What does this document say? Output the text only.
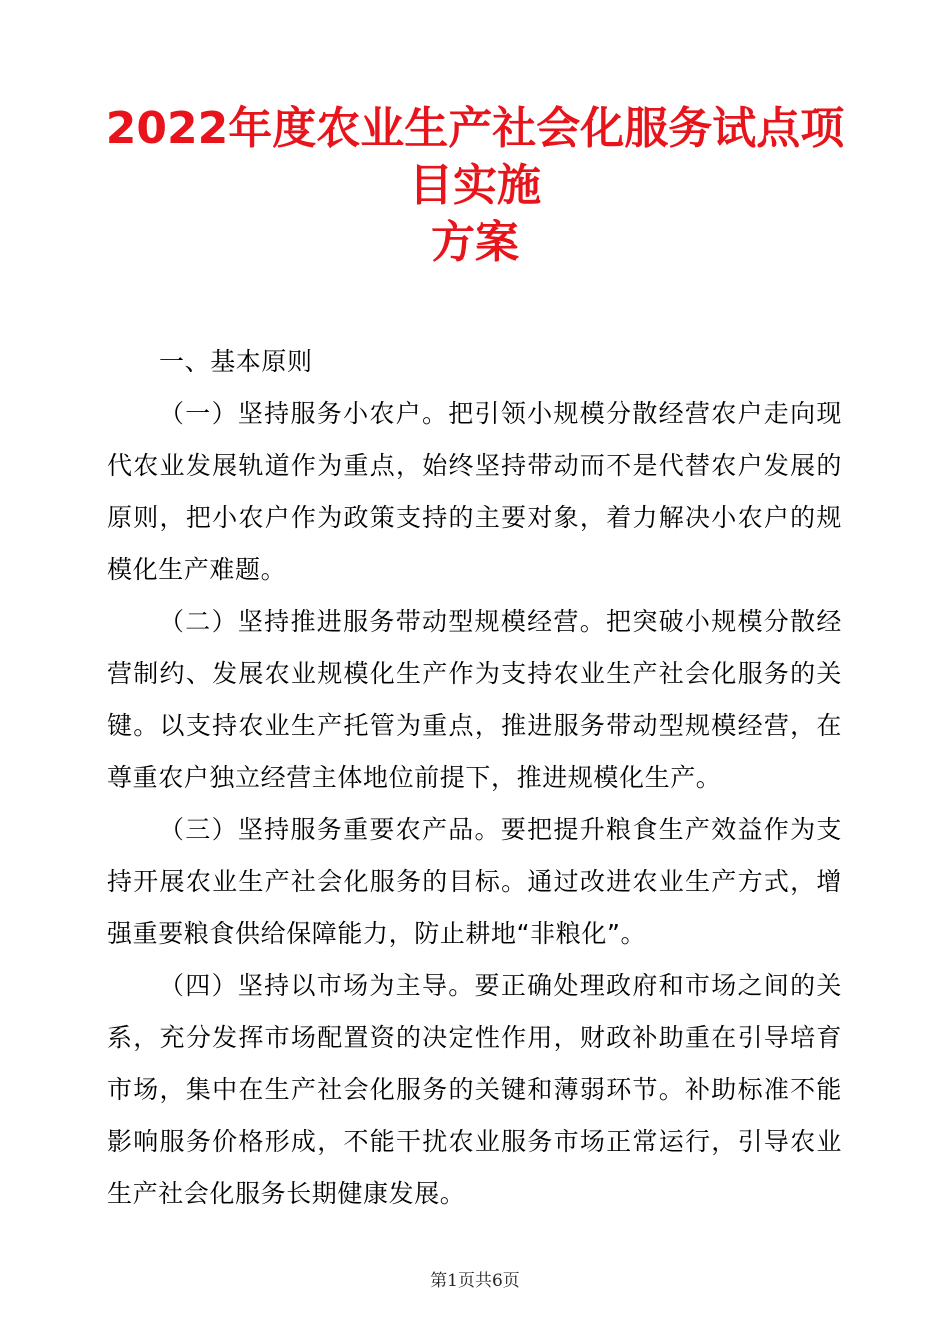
2022年度农业生产社会化服务试点项
目实施
方案

一、基本原则

（一）坚持服务小农户。把引领小规模分散经营农户走向现代农业发展轨道作为重点，始终坚持带动而不是代替农户发展的原则，把小农户作为政策支持的主要对象，着力解决小农户的规模化生产难题。

（二）坚持推进服务带动型规模经营。把突破小规模分散经营制约、发展农业规模化生产作为支持农业生产社会化服务的关键。以支持农业生产托管为重点，推进服务带动型规模经营，在尊重农户独立经营主体地位前提下，推进规模化生产。

（三）坚持服务重要农产品。要把提升粮食生产效益作为支持开展农业生产社会化服务的目标。通过改进农业生产方式，增强重要粮食供给保障能力，防止耕地“非粮化”。

（四）坚持以市场为主导。要正确处理政府和市场之间的关系，充分发挥市场配置资的决定性作用，财政补助重在引导培育市场，集中在生产社会化服务的关键和薄弱环节。补助标准不能影响服务价格形成，不能干扰农业服务市场正常运行，引导农业生产社会化服务长期健康发展。

第1页共6页
